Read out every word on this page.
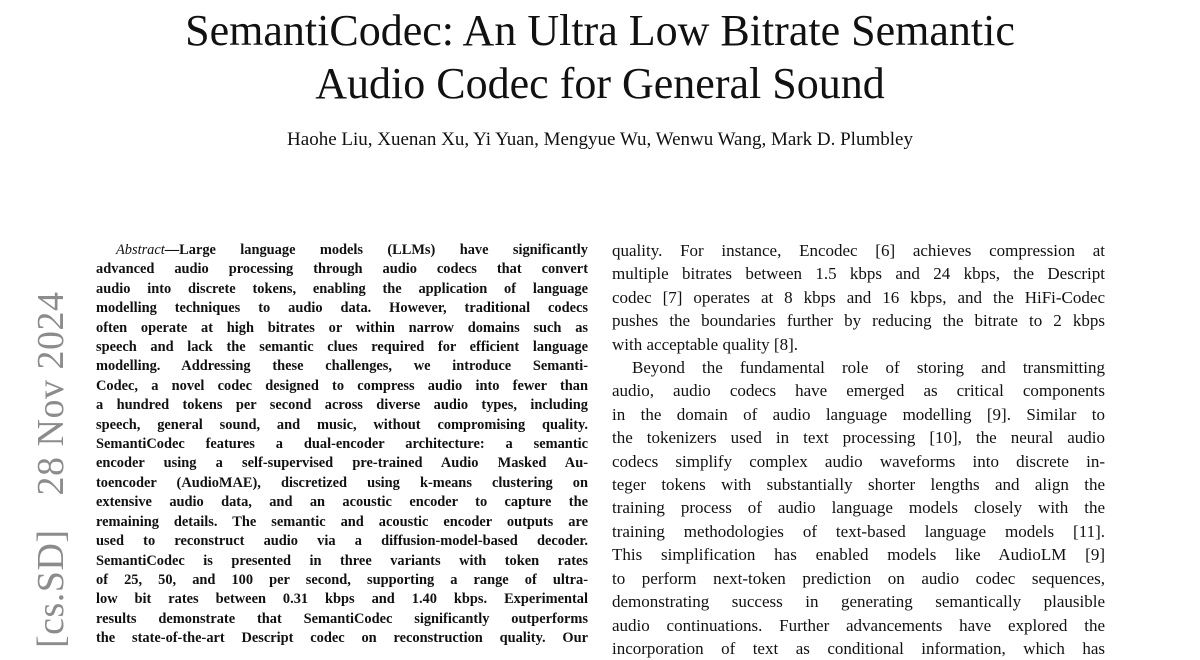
SemantiCodec: An Ultra Low Bitrate Semantic
Audio Codec for General Sound
Haohe Liu, Xuenan Xu, Yi Yuan, Mengyue Wu, Wenwu Wang, Mark D. Plumbley
[cs.SD]  28 Nov 2024
Abstract—Large language models (LLMs) have significantly
advanced audio processing through audio codecs that convert
audio into discrete tokens, enabling the application of language
modelling techniques to audio data. However, traditional codecs
often operate at high bitrates or within narrow domains such as
speech and lack the semantic clues required for efficient language
modelling. Addressing these challenges, we introduce Semanti-
Codec, a novel codec designed to compress audio into fewer than
a hundred tokens per second across diverse audio types, including
speech, general sound, and music, without compromising quality.
SemantiCodec features a dual-encoder architecture: a semantic
encoder using a self-supervised pre-trained Audio Masked Au-
toencoder (AudioMAE), discretized using k-means clustering on
extensive audio data, and an acoustic encoder to capture the
remaining details. The semantic and acoustic encoder outputs are
used to reconstruct audio via a diffusion-model-based decoder.
SemantiCodec is presented in three variants with token rates
of 25, 50, and 100 per second, supporting a range of ultra-
low bit rates between 0.31 kbps and 1.40 kbps. Experimental
results demonstrate that SemantiCodec significantly outperforms
the state-of-the-art Descript codec on reconstruction quality. Our
quality. For instance, Encodec [6] achieves compression at
multiple bitrates between 1.5 kbps and 24 kbps, the Descript
codec [7] operates at 8 kbps and 16 kbps, and the HiFi-Codec
pushes the boundaries further by reducing the bitrate to 2 kbps
with acceptable quality [8].
Beyond the fundamental role of storing and transmitting
audio, audio codecs have emerged as critical components
in the domain of audio language modelling [9]. Similar to
the tokenizers used in text processing [10], the neural audio
codecs simplify complex audio waveforms into discrete in-
teger tokens with substantially shorter lengths and align the
training process of audio language models closely with the
training methodologies of text-based language models [11].
This simplification has enabled models like AudioLM [9]
to perform next-token prediction on audio codec sequences,
demonstrating success in generating semantically plausible
audio continuations. Further advancements have explored the
incorporation of text as conditional information, which has
